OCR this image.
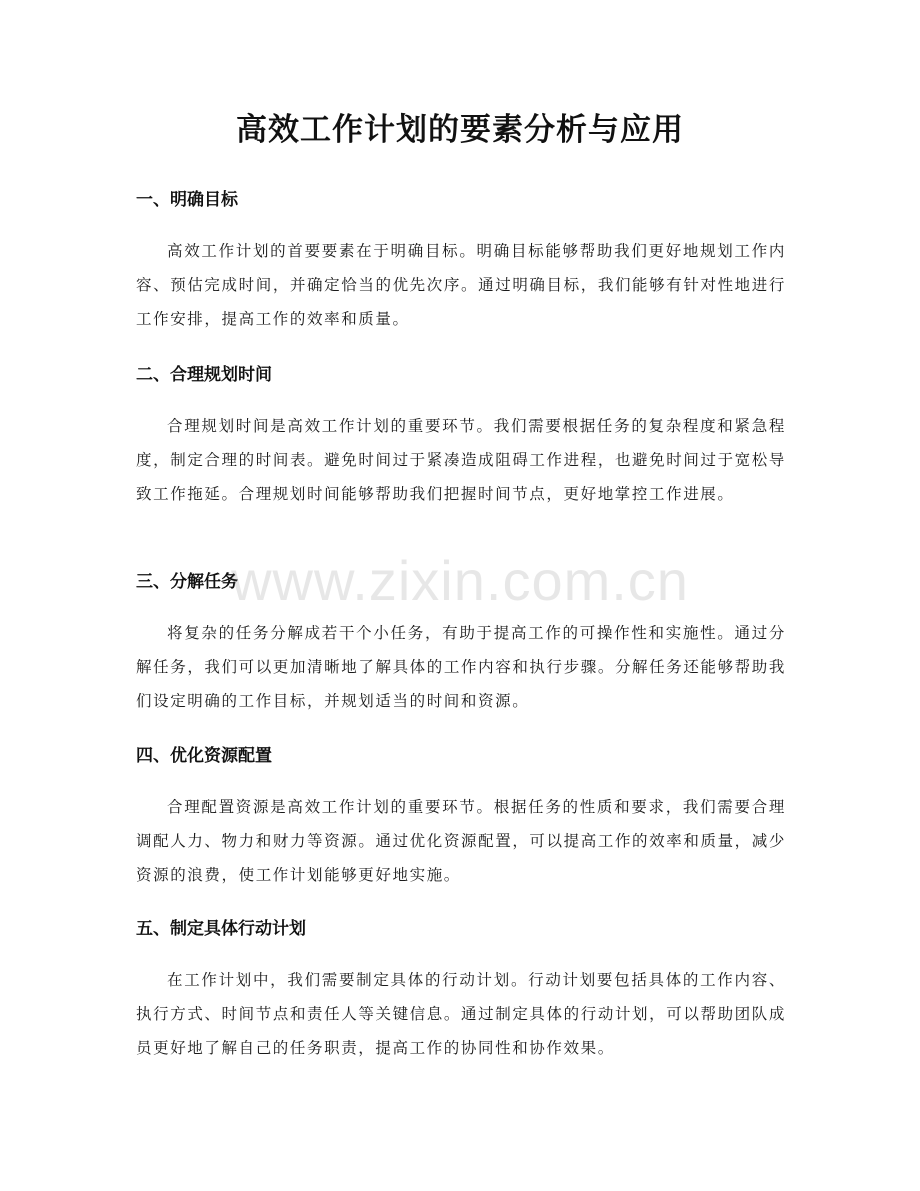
高效工作计划的要素分析与应用
一、明确目标

高效工作计划的首要要素在于明确目标。明确目标能够帮助我们更好地规划工作内容、预估完成时间，并确定恰当的优先次序。通过明确目标，我们能够有针对性地进行工作安排，提高工作的效率和质量。

二、合理规划时间

合理规划时间是高效工作计划的重要环节。我们需要根据任务的复杂程度和紧急程度，制定合理的时间表。避免时间过于紧凑造成阻碍工作进程，也避免时间过于宽松导致工作拖延。合理规划时间能够帮助我们把握时间节点，更好地掌控工作进展。

三、分解任务

将复杂的任务分解成若干个小任务，有助于提高工作的可操作性和实施性。通过分解任务，我们可以更加清晰地了解具体的工作内容和执行步骤。分解任务还能够帮助我们设定明确的工作目标，并规划适当的时间和资源。

四、优化资源配置

合理配置资源是高效工作计划的重要环节。根据任务的性质和要求，我们需要合理调配人力、物力和财力等资源。通过优化资源配置，可以提高工作的效率和质量，减少资源的浪费，使工作计划能够更好地实施。

五、制定具体行动计划

在工作计划中，我们需要制定具体的行动计划。行动计划要包括具体的工作内容、执行方式、时间节点和责任人等关键信息。通过制定具体的行动计划，可以帮助团队成员更好地了解自己的任务职责，提高工作的协同性和协作效果。

www.zixin.com.cn
